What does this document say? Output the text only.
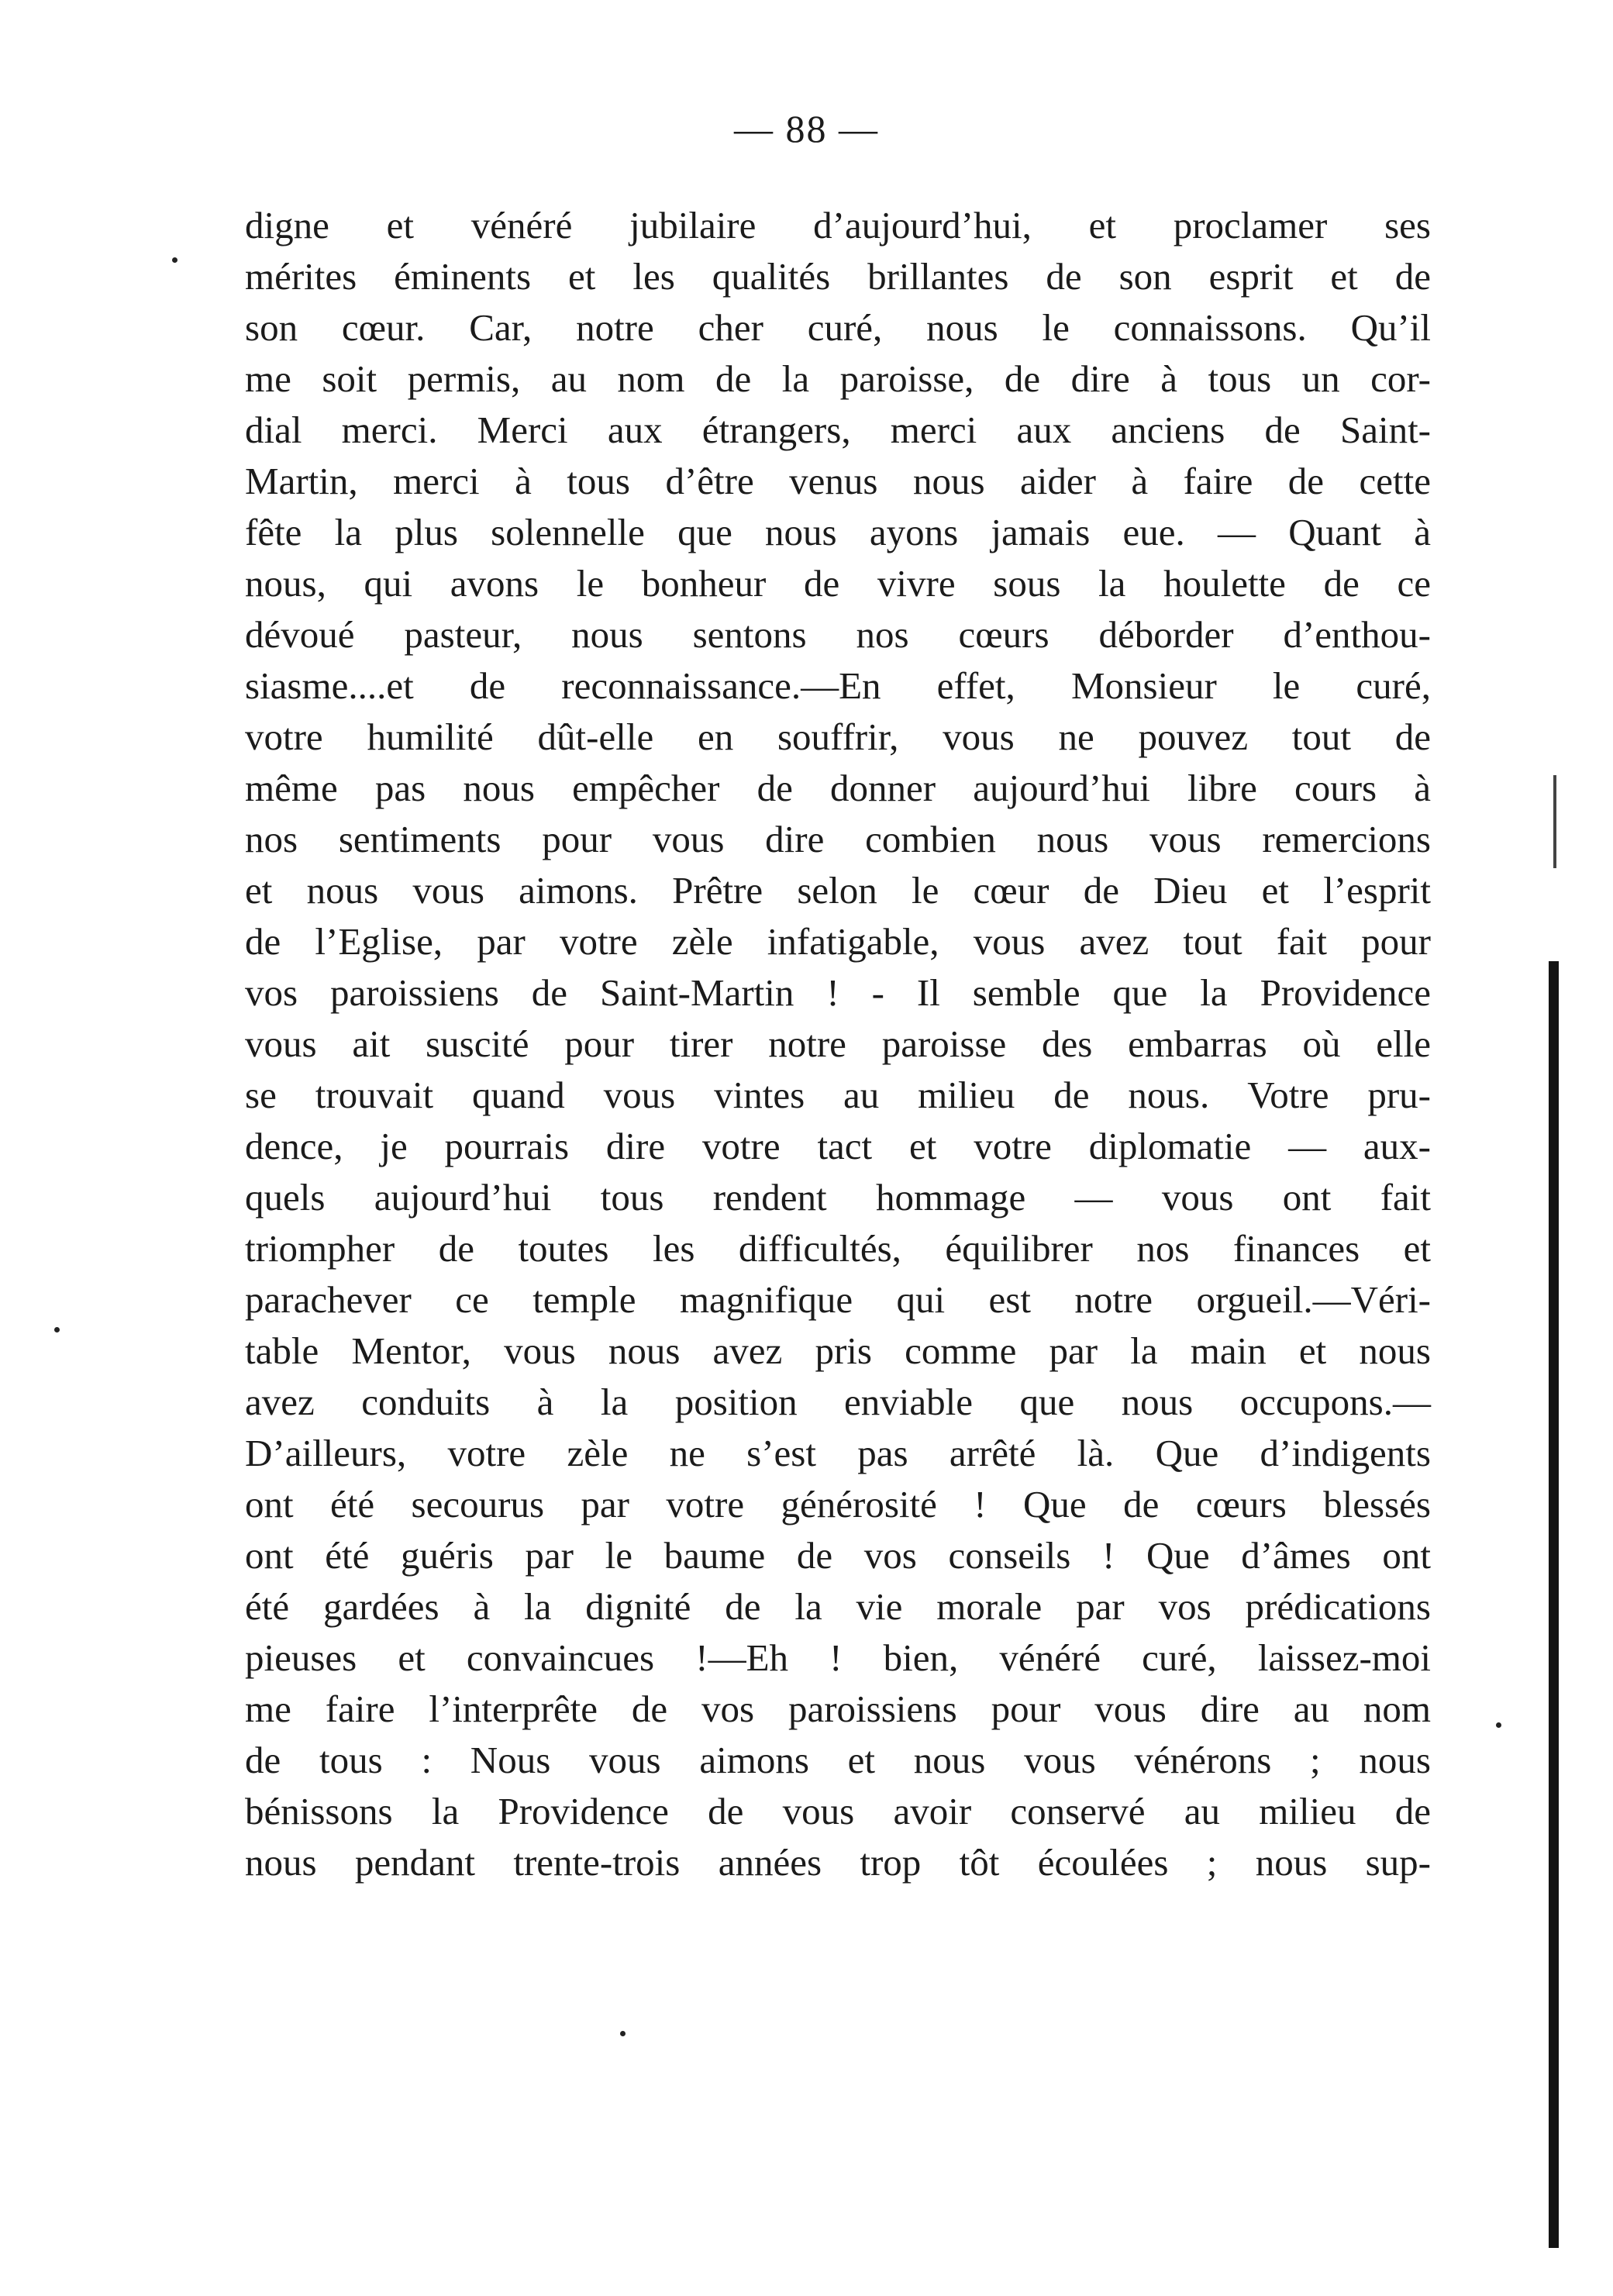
— 88 —
digne et vénéré jubilaire d’aujourd’hui, et proclamer ses
mérites éminents et les qualités brillantes de son esprit et de
son cœur. Car, notre cher curé, nous le connaissons. Qu’il
me soit permis, au nom de la paroisse, de dire à tous un cor-
dial merci. Merci aux étrangers, merci aux anciens de Saint-
Martin, merci à tous d’être venus nous aider à faire de cette
fête la plus solennelle que nous ayons jamais eue. — Quant à
nous, qui avons le bonheur de vivre sous la houlette de ce
dévoué pasteur, nous sentons nos cœurs déborder d’enthou-
siasme....et de reconnaissance.—En effet, Monsieur le curé,
votre humilité dût-elle en souffrir, vous ne pouvez tout de
même pas nous empêcher de donner aujourd’hui libre cours à
nos sentiments pour vous dire combien nous vous remercions
et nous vous aimons. Prêtre selon le cœur de Dieu et l’esprit
de l’Eglise, par votre zèle infatigable, vous avez tout fait pour
vos paroissiens de Saint-Martin ! - Il semble que la Providence
vous ait suscité pour tirer notre paroisse des embarras où elle
se trouvait quand vous vintes au milieu de nous. Votre pru-
dence, je pourrais dire votre tact et votre diplomatie — aux-
quels aujourd’hui tous rendent hommage — vous ont fait
triompher de toutes les difficultés, équilibrer nos finances et
parachever ce temple magnifique qui est notre orgueil.—Véri-
table Mentor, vous nous avez pris comme par la main et nous
avez conduits à la position enviable que nous occupons.—
D’ailleurs, votre zèle ne s’est pas arrêté là. Que d’indigents
ont été secourus par votre générosité ! Que de cœurs blessés
ont été guéris par le baume de vos conseils ! Que d’âmes ont
été gardées à la dignité de la vie morale par vos prédications
pieuses et convaincues !—Eh ! bien, vénéré curé, laissez-moi
me faire l’interprête de vos paroissiens pour vous dire au nom
de tous : Nous vous aimons et nous vous vénérons ; nous
bénissons la Providence de vous avoir conservé au milieu de
nous pendant trente-trois années trop tôt écoulées ; nous sup-
